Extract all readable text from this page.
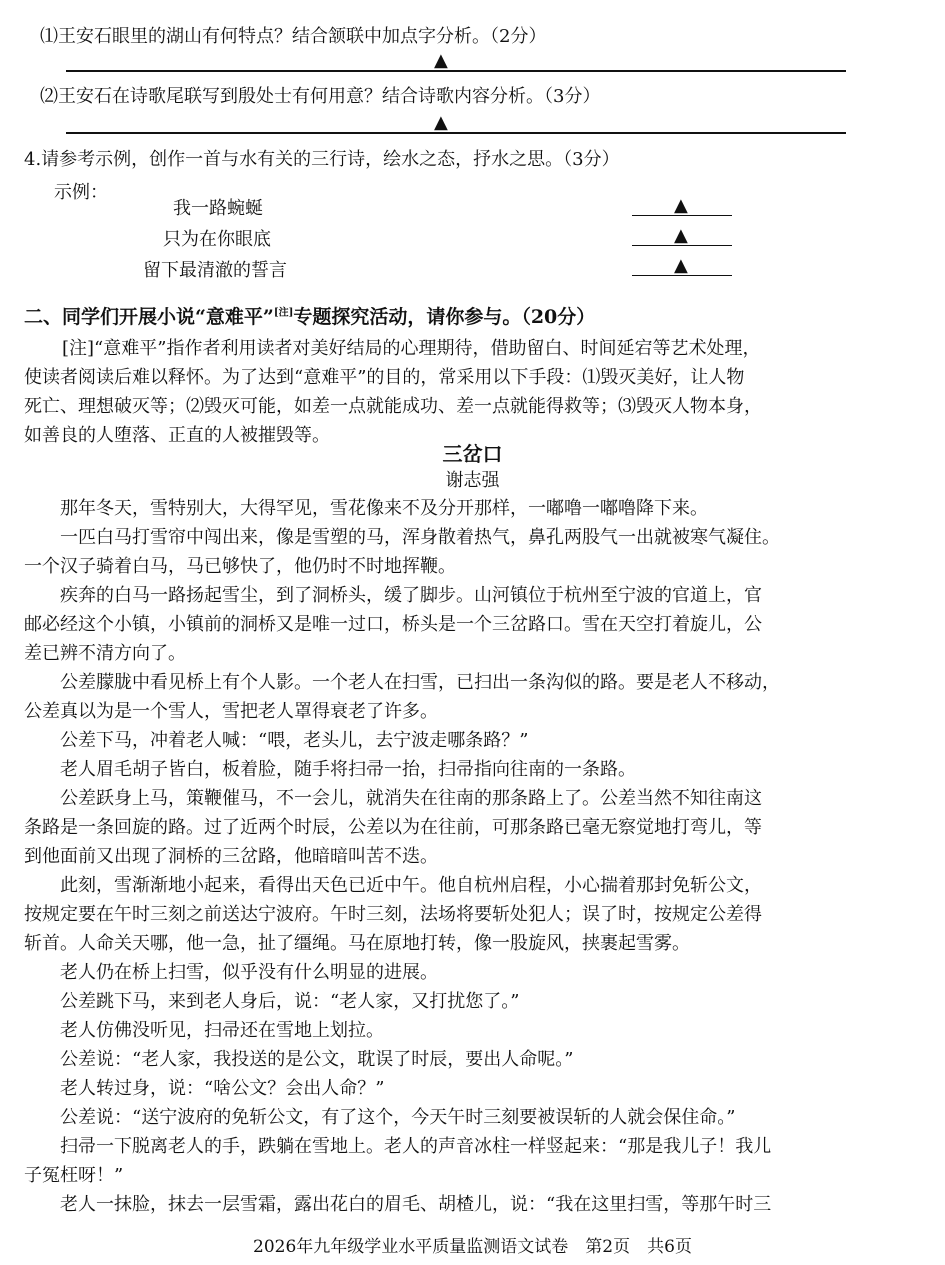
⑴王安石眼里的湖山有何特点？结合颔联中加点字分析。（2分）
▲
⑵王安石在诗歌尾联写到殷处士有何用意？结合诗歌内容分析。（3分）
▲
4.请参考示例，创作一首与水有关的三行诗，绘水之态，抒水之思。（3分）
示例：
我一路蜿蜒
只为在你眼底
留下最清澈的誓言
▲
▲
▲
二、同学们开展小说“意难平”[注]专题探究活动，请你参与。（20分）
[注]“意难平”指作者利用读者对美好结局的心理期待，借助留白、时间延宕等艺术处理，
使读者阅读后难以释怀。为了达到“意难平”的目的，常采用以下手段：⑴毁灭美好，让人物
死亡、理想破灭等；⑵毁灭可能，如差一点就能成功、差一点就能得救等；⑶毁灭人物本身，
如善良的人堕落、正直的人被摧毁等。
三岔口
谢志强
　　那年冬天，雪特别大，大得罕见，雪花像来不及分开那样，一嘟噜一嘟噜降下来。
　　一匹白马打雪帘中闯出来，像是雪塑的马，浑身散着热气，鼻孔两股气一出就被寒气凝住。
一个汉子骑着白马，马已够快了，他仍时不时地挥鞭。
　　疾奔的白马一路扬起雪尘，到了洞桥头，缓了脚步。山河镇位于杭州至宁波的官道上，官
邮必经这个小镇，小镇前的洞桥又是唯一过口，桥头是一个三岔路口。雪在天空打着旋儿，公
差已辨不清方向了。
　　公差朦胧中看见桥上有个人影。一个老人在扫雪，已扫出一条沟似的路。要是老人不移动，
公差真以为是一个雪人，雪把老人罩得衰老了许多。
　　公差下马，冲着老人喊：“喂，老头儿，去宁波走哪条路？”
　　老人眉毛胡子皆白，板着脸，随手将扫帚一抬，扫帚指向往南的一条路。
　　公差跃身上马，策鞭催马，不一会儿，就消失在往南的那条路上了。公差当然不知往南这
条路是一条回旋的路。过了近两个时辰，公差以为在往前，可那条路已毫无察觉地打弯儿，等
到他面前又出现了洞桥的三岔路，他暗暗叫苦不迭。
　　此刻，雪渐渐地小起来，看得出天色已近中午。他自杭州启程，小心揣着那封免斩公文，
按规定要在午时三刻之前送达宁波府。午时三刻，法场将要斩处犯人；误了时，按规定公差得
斩首。人命关天哪，他一急，扯了缰绳。马在原地打转，像一股旋风，挟裹起雪雾。
　　老人仍在桥上扫雪，似乎没有什么明显的进展。
　　公差跳下马，来到老人身后，说：“老人家，又打扰您了。”
　　老人仿佛没听见，扫帚还在雪地上划拉。
　　公差说：“老人家，我投送的是公文，耽误了时辰，要出人命呢。”
　　老人转过身，说：“啥公文？会出人命？”
　　公差说：“送宁波府的免斩公文，有了这个，今天午时三刻要被误斩的人就会保住命。”
　　扫帚一下脱离老人的手，跌躺在雪地上。老人的声音冰柱一样竖起来：“那是我儿子！我儿
子冤枉呀！”
　　老人一抹脸，抹去一层雪霜，露出花白的眉毛、胡楂儿，说：“我在这里扫雪，等那午时三
2026年九年级学业水平质量监测语文试卷　第2页　共6页
